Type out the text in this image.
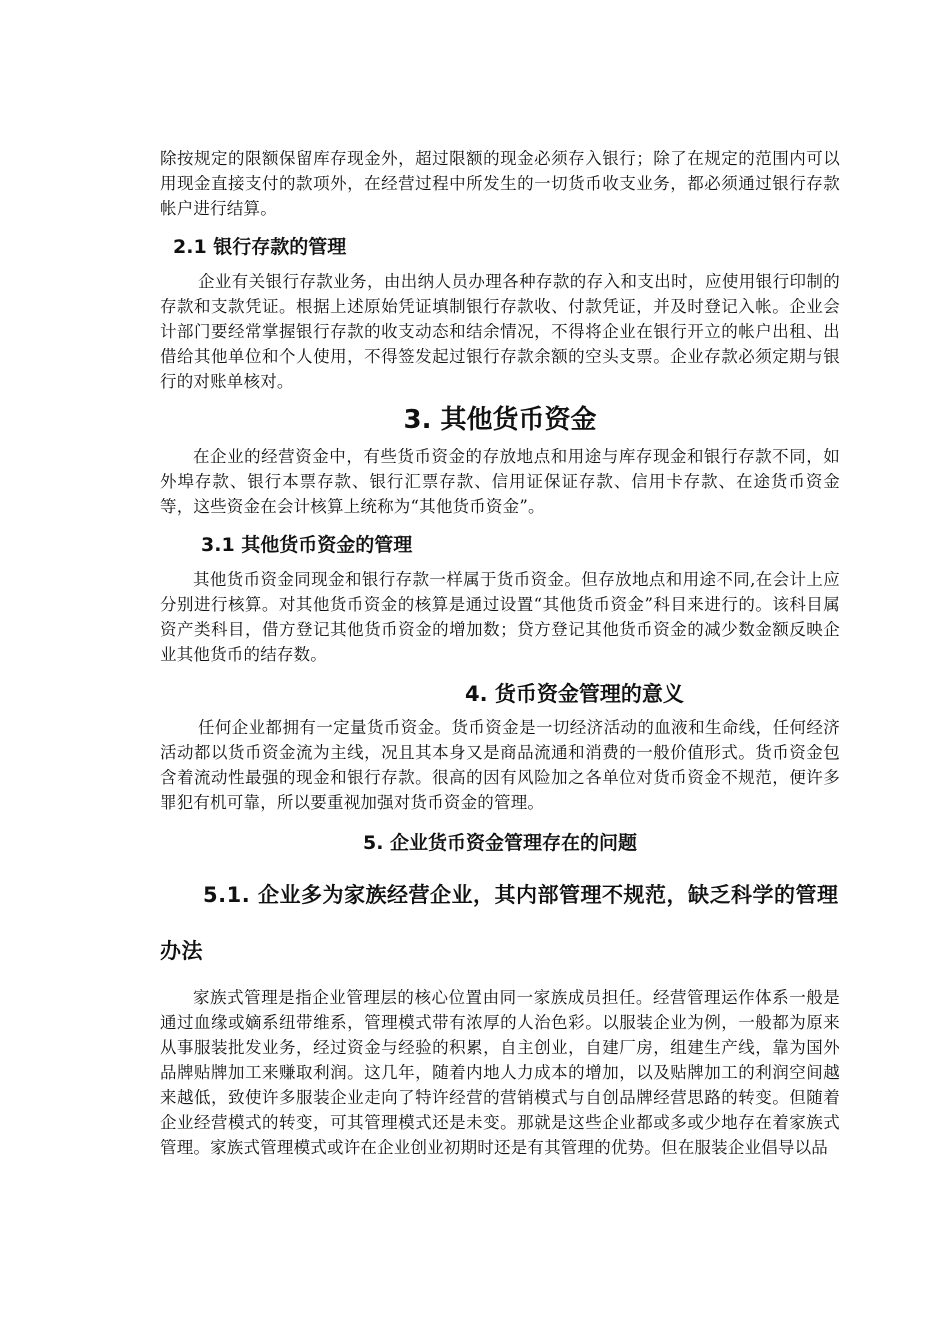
除按规定的限额保留库存现金外，超过限额的现金必须存入银行；除了在规定的范围内可以用现金直接支付的款项外，在经营过程中所发生的一切货币收支业务，都必须通过银行存款帐户进行结算。

2.1 银行存款的管理

企业有关银行存款业务，由出纳人员办理各种存款的存入和支出时，应使用银行印制的存款和支款凭证。根据上述原始凭证填制银行存款收、付款凭证，并及时登记入帐。企业会计部门要经常掌握银行存款的收支动态和结余情况，不得将企业在银行开立的帐户出租、出借给其他单位和个人使用，不得签发起过银行存款余额的空头支票。企业存款必须定期与银行的对账单核对。

3. 其他货币资金

在企业的经营资金中，有些货币资金的存放地点和用途与库存现金和银行存款不同，如外埠存款、银行本票存款、银行汇票存款、信用证保证存款、信用卡存款、在途货币资金等，这些资金在会计核算上统称为“其他货币资金”。

3.1 其他货币资金的管理

其他货币资金同现金和银行存款一样属于货币资金。但存放地点和用途不同,在会计上应分别进行核算。对其他货币资金的核算是通过设置“其他货币资金”科目来进行的。该科目属资产类科目，借方登记其他货币资金的增加数；贷方登记其他货币资金的减少数金额反映企业其他货币的结存数。

4. 货币资金管理的意义

任何企业都拥有一定量货币资金。货币资金是一切经济活动的血液和生命线，任何经济活动都以货币资金流为主线，况且其本身又是商品流通和消费的一般价值形式。货币资金包含着流动性最强的现金和银行存款。很高的因有风险加之各单位对货币资金不规范，便许多罪犯有机可靠，所以要重视加强对货币资金的管理。

5. 企业货币资金管理存在的问题
5.1. 企业多为家族经营企业，其内部管理不规范，缺乏科学的管理办法

家族式管理是指企业管理层的核心位置由同一家族成员担任。经营管理运作体系一般是通过血缘或嫡系纽带维系，管理模式带有浓厚的人治色彩。以服装企业为例，一般都为原来从事服装批发业务，经过资金与经验的积累，自主创业，自建厂房，组建生产线，靠为国外品牌贴牌加工来赚取利润。这几年，随着内地人力成本的增加，以及贴牌加工的利润空间越来越低，致使许多服装企业走向了特许经营的营销模式与自创品牌经营思路的转变。但随着企业经营模式的转变，可其管理模式还是未变。那就是这些企业都或多或少地存在着家族式管理。家族式管理模式或许在企业创业初期时还是有其管理的优势。但在服装企业倡导以品
